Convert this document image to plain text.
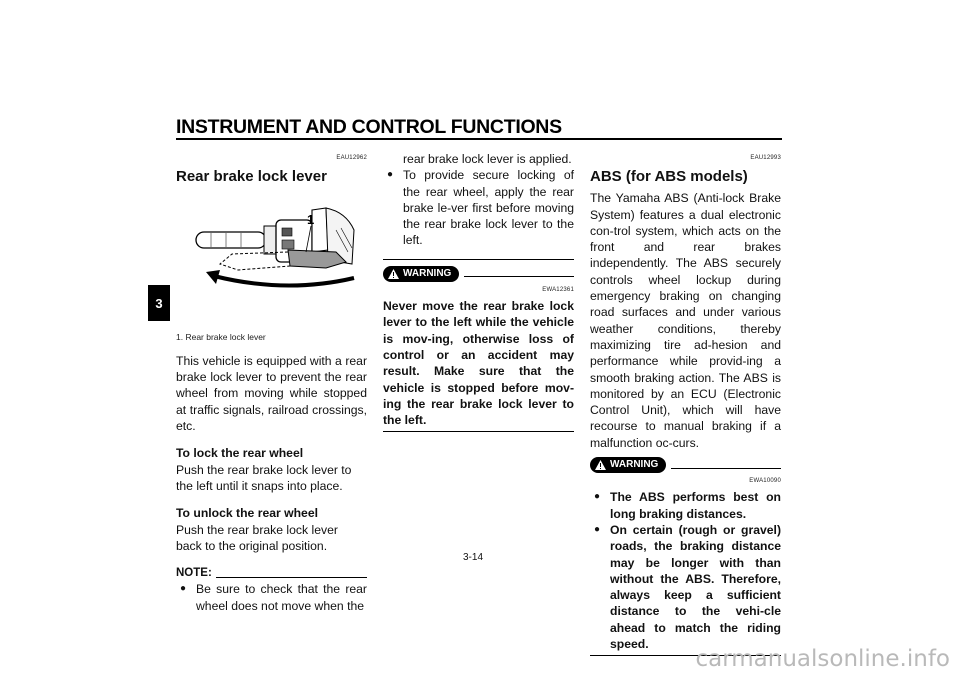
INSTRUMENT AND CONTROL FUNCTIONS
3
EAU12962
Rear brake lock lever
1
1. Rear brake lock lever

This vehicle is equipped with a rear brake lock lever to prevent the rear wheel from moving while stopped at traffic signals, railroad crossings, etc.

To lock the rear wheel

Push the rear brake lock lever to the left until it snaps into place.

To unlock the rear wheel

Push the rear brake lock lever back to the original position.

NOTE:
● Be sure to check that the rear wheel does not move when the

rear brake lock lever is applied.

● To provide secure locking of the rear wheel, apply the rear brake le-ver first before moving the rear brake lock lever to the left.
WARNING
EWA12361

Never move the rear brake lock lever to the left while the vehicle is mov-ing, otherwise loss of control or an accident may result. Make sure that the vehicle is stopped before mov-ing the rear brake lock lever to the left.

EAU12993
ABS (for ABS models)

The Yamaha ABS (Anti-lock Brake System) features a dual electronic con-trol system, which acts on the front and rear brakes independently. The ABS securely controls wheel lockup during emergency braking on changing road surfaces and under various weather conditions, thereby maximizing tire ad-hesion and performance while provid-ing a smooth braking action. The ABS is monitored by an ECU (Electronic Control Unit), which will have recourse to manual braking if a malfunction oc-curs.

WARNING
EWA10090
● The ABS performs best on long braking distances.
● On certain (rough or gravel) roads, the braking distance may be longer with than without the ABS. Therefore, always keep a sufficient distance to the vehi-cle ahead to match the riding speed.
3-14
carmanualsonline.info
